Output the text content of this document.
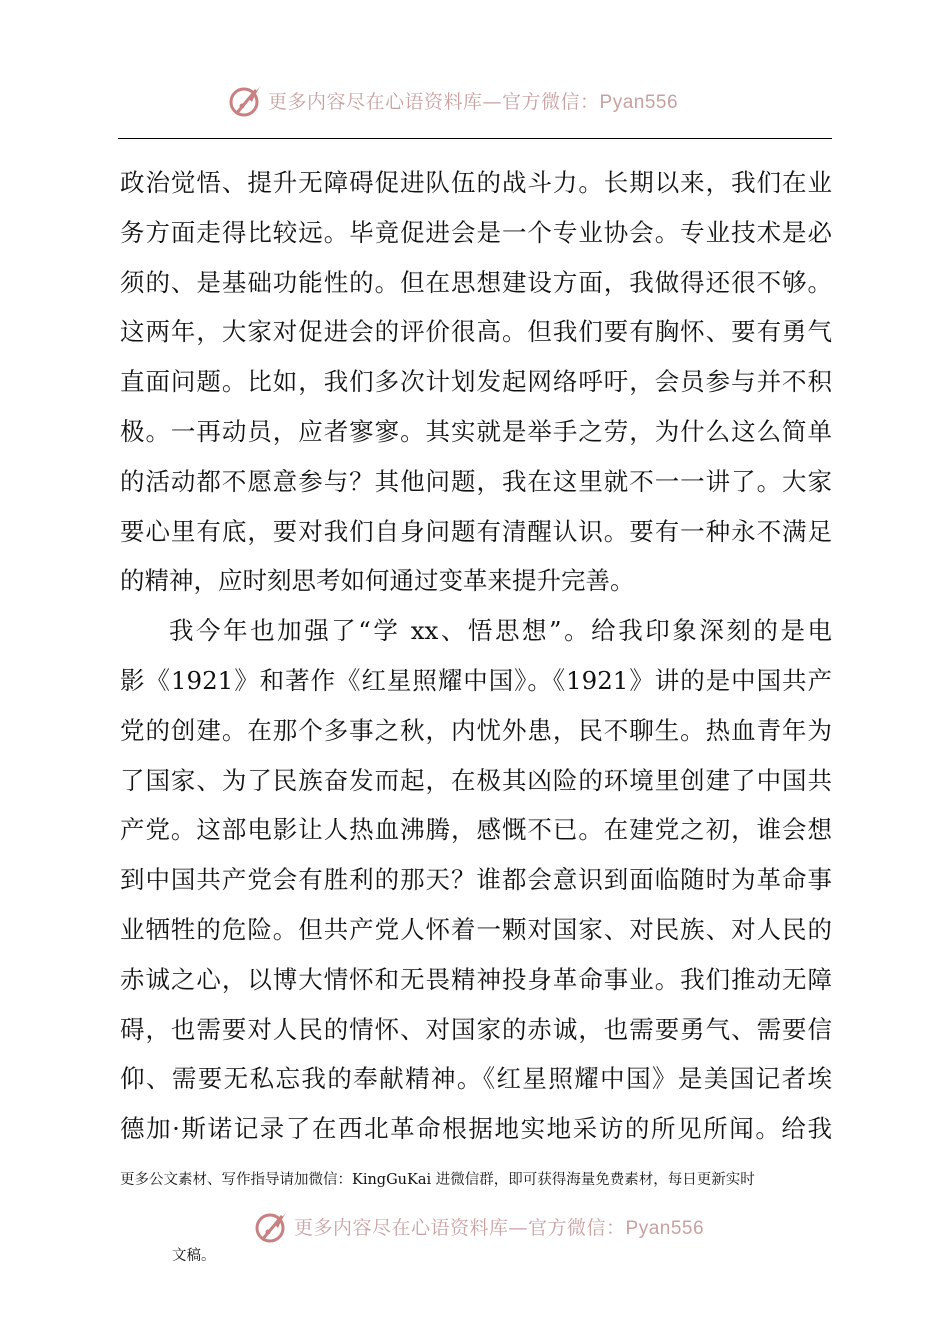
更多内容尽在心语资料库—官方微信：Pyan556
政治觉悟、提升无障碍促进队伍的战斗力。长期以来，我们在业
务方面走得比较远。毕竟促进会是一个专业协会。专业技术是必
须的、是基础功能性的。但在思想建设方面，我做得还很不够。
这两年，大家对促进会的评价很高。但我们要有胸怀、要有勇气
直面问题。比如，我们多次计划发起网络呼吁，会员参与并不积
极。一再动员，应者寥寥。其实就是举手之劳，为什么这么简单
的活动都不愿意参与？其他问题，我在这里就不一一讲了。大家
要心里有底，要对我们自身问题有清醒认识。要有一种永不满足
的精神，应时刻思考如何通过变革来提升完善。
我今年也加强了“学 xx、悟思想”。给我印象深刻的是电
影《1921》和著作《红星照耀中国》。《1921》讲的是中国共产
党的创建。在那个多事之秋，内忧外患，民不聊生。热血青年为
了国家、为了民族奋发而起，在极其凶险的环境里创建了中国共
产党。这部电影让人热血沸腾，感慨不已。在建党之初，谁会想
到中国共产党会有胜利的那天？谁都会意识到面临随时为革命事
业牺牲的危险。但共产党人怀着一颗对国家、对民族、对人民的
赤诚之心，以博大情怀和无畏精神投身革命事业。我们推动无障
碍，也需要对人民的情怀、对国家的赤诚，也需要勇气、需要信
仰、需要无私忘我的奉献精神。《红星照耀中国》是美国记者埃
德加·斯诺记录了在西北革命根据地实地采访的所见所闻。给我
更多公文素材、写作指导请加微信：KingGuKai 进微信群，即可获得海量免费素材，每日更新实时
更多内容尽在心语资料库—官方微信：Pyan556
文稿。
